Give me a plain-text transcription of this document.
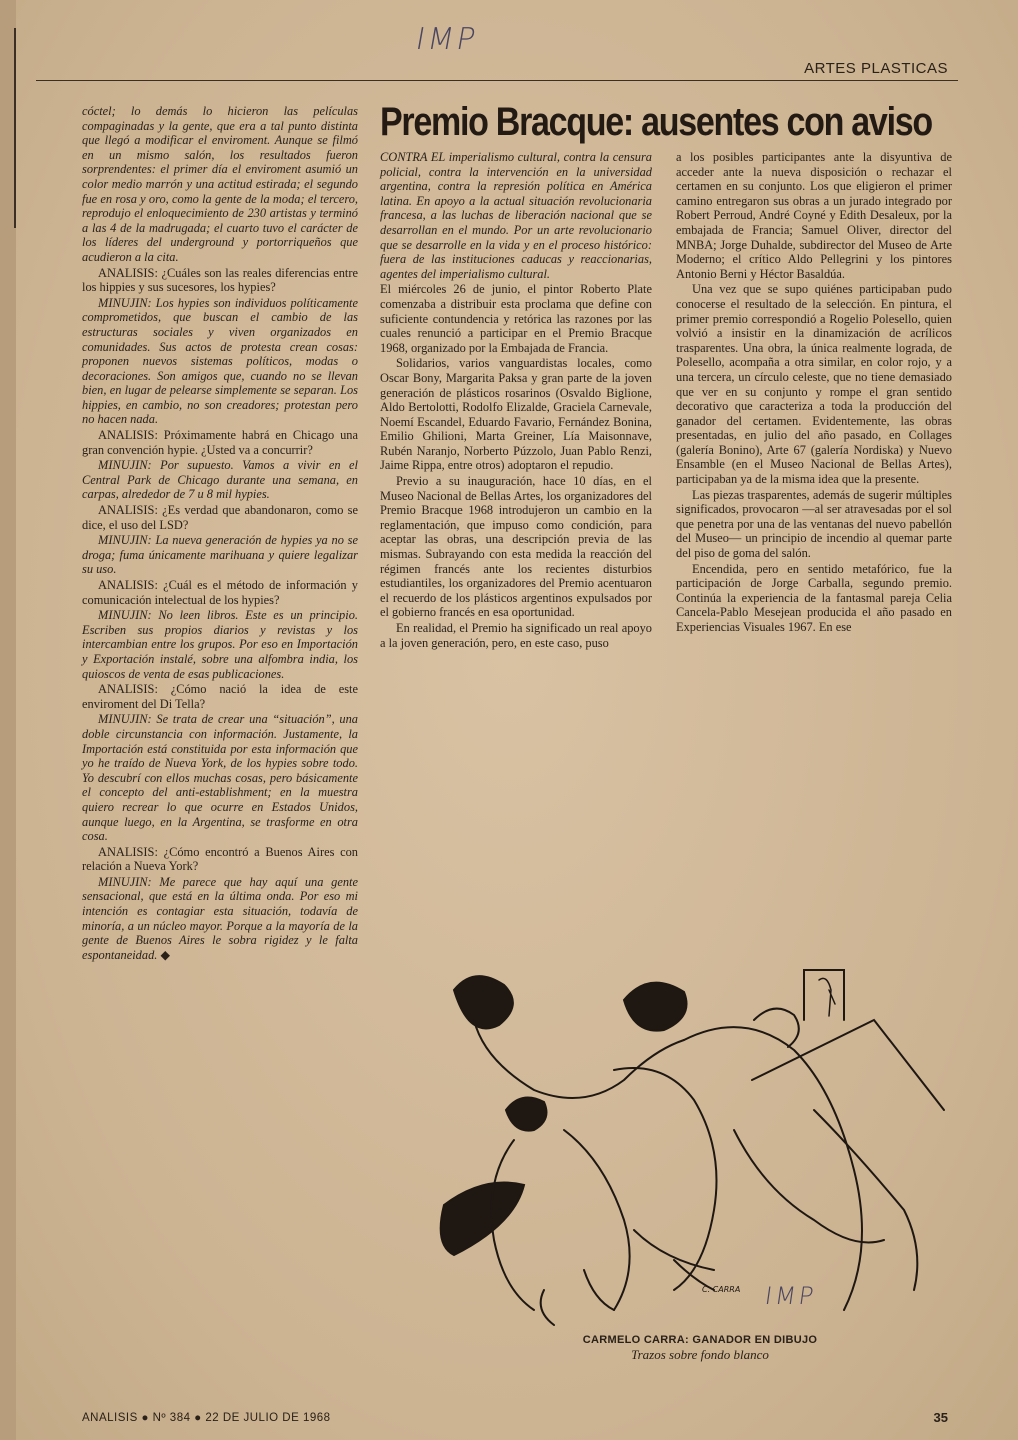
IMP
ARTES PLASTICAS
Premio Bracque: ausentes con aviso

cóctel; lo demás lo hicieron las películas compaginadas y la gente, que era a tal punto distinta que llegó a modificar el enviroment. Aunque se filmó en un mismo salón, los resultados fueron sorprendentes: el primer día el enviroment asumió un color medio marrón y una actitud estirada; el segundo fue en rosa y oro, como la gente de la moda; el tercero, reprodujo el enloquecimiento de 230 artistas y terminó a las 4 de la madrugada; el cuarto tuvo el carácter de los líderes del underground y portorriqueños que acudieron a la cita.

ANALISIS: ¿Cuáles son las reales diferencias entre los hippies y sus sucesores, los hypies?

MINUJIN: Los hypies son individuos políticamente comprometidos, que buscan el cambio de las estructuras sociales y viven organizados en comunidades. Sus actos de protesta crean cosas: proponen nuevos sistemas políticos, modas o decoraciones. Son amigos que, cuando no se llevan bien, en lugar de pelearse simplemente se separan. Los hippies, en cambio, no son creadores; protestan pero no hacen nada.

ANALISIS: Próximamente habrá en Chicago una gran convención hypie. ¿Usted va a concurrir?

MINUJIN: Por supuesto. Vamos a vivir en el Central Park de Chicago durante una semana, en carpas, alrededor de 7 u 8 mil hypies.

ANALISIS: ¿Es verdad que abandonaron, como se dice, el uso del LSD?

MINUJIN: La nueva generación de hypies ya no se droga; fuma únicamente marihuana y quiere legalizar su uso.

ANALISIS: ¿Cuál es el método de información y comunicación intelectual de los hypies?

MINUJIN: No leen libros. Este es un principio. Escriben sus propios diarios y revistas y los intercambian entre los grupos. Por eso en Importación y Exportación instalé, sobre una alfombra india, los quioscos de venta de esas publicaciones.

ANALISIS: ¿Cómo nació la idea de este enviroment del Di Tella?

MINUJIN: Se trata de crear una “situación”, una doble circunstancia con información. Justamente, la Importación está constituida por esta información que yo he traído de Nueva York, de los hypies sobre todo. Yo descubrí con ellos muchas cosas, pero básicamente el concepto del anti-establishment; en la muestra quiero recrear lo que ocurre en Estados Unidos, aunque luego, en la Argentina, se trasforme en otra cosa.

ANALISIS: ¿Cómo encontró a Buenos Aires con relación a Nueva York?

MINUJIN: Me parece que hay aquí una gente sensacional, que está en la última onda. Por eso mi intención es contagiar esta situación, todavía de minoría, a un núcleo mayor. Porque a la mayoría de la gente de Buenos Aires le sobra rigidez y le falta espontaneidad. ◆

CONTRA EL imperialismo cultural, contra la censura policial, contra la intervención en la universidad argentina, contra la represión política en América latina. En apoyo a la actual situación revolucionaria francesa, a las luchas de liberación nacional que se desarrollan en el mundo. Por un arte revolucionario que se desarrolle en la vida y en el proceso histórico: fuera de las instituciones caducas y reaccionarias, agentes del imperialismo cultural.

El miércoles 26 de junio, el pintor Roberto Plate comenzaba a distribuir esta proclama que define con suficiente contundencia y retórica las razones por las cuales renunció a participar en el Premio Bracque 1968, organizado por la Embajada de Francia.

Solidarios, varios vanguardistas locales, como Oscar Bony, Margarita Paksa y gran parte de la joven generación de plásticos rosarinos (Osvaldo Biglione, Aldo Bertolotti, Rodolfo Elizalde, Graciela Carnevale, Noemí Escandel, Eduardo Favario, Fernández Bonina, Emilio Ghilioni, Marta Greiner, Lía Maisonnave, Rubén Naranjo, Norberto Púzzolo, Juan Pablo Renzi, Jaime Rippa, entre otros) adoptaron el repudio.

Previo a su inauguración, hace 10 días, en el Museo Nacional de Bellas Artes, los organizadores del Premio Bracque 1968 introdujeron un cambio en la reglamentación, que impuso como condición, para aceptar las obras, una descripción previa de las mismas. Subrayando con esta medida la reacción del régimen francés ante los recientes disturbios estudiantiles, los organizadores del Premio acentuaron el recuerdo de los plásticos argentinos expulsados por el gobierno francés en esa oportunidad.

En realidad, el Premio ha significado un real apoyo a la joven generación, pero, en este caso, puso

a los posibles participantes ante la disyuntiva de acceder ante la nueva disposición o rechazar el certamen en su conjunto. Los que eligieron el primer camino entregaron sus obras a un jurado integrado por Robert Perroud, André Coyné y Edith Desaleux, por la embajada de Francia; Samuel Oliver, director del MNBA; Jorge Duhalde, subdirector del Museo de Arte Moderno; el crítico Aldo Pellegrini y los pintores Antonio Berni y Héctor Basaldúa.

Una vez que se supo quiénes participaban pudo conocerse el resultado de la selección. En pintura, el primer premio correspondió a Rogelio Polesello, quien volvió a insistir en la dinamización de acrílicos trasparentes. Una obra, la única realmente lograda, de Polesello, acompaña a otra similar, en color rojo, y a una tercera, un círculo celeste, que no tiene demasiado que ver en su conjunto y rompe el gran sentido decorativo que caracteriza a toda la producción del ganador del certamen. Evidentemente, las obras presentadas, en julio del año pasado, en Collages (galería Bonino), Arte 67 (galería Nordiska) y Nuevo Ensamble (en el Museo Nacional de Bellas Artes), participaban ya de la misma idea que la presente.

Las piezas trasparentes, además de sugerir múltiples significados, provocaron —al ser atravesadas por el sol que penetra por una de las ventanas del nuevo pabellón del Museo— un principio de incendio al quemar parte del piso de goma del salón.

Encendida, pero en sentido metafórico, fue la participación de Jorge Carballa, segundo premio. Continúa la experiencia de la fantasmal pareja Celia Cancela-Pablo Mesejean producida el año pasado en Experiencias Visuales 1967. En ese

C. CARRA IMP
CARMELO CARRA: GANADOR EN DIBUJO
Trazos sobre fondo blanco
ANALISIS ● Nº 384 ● 22 DE JULIO DE 1968	35
